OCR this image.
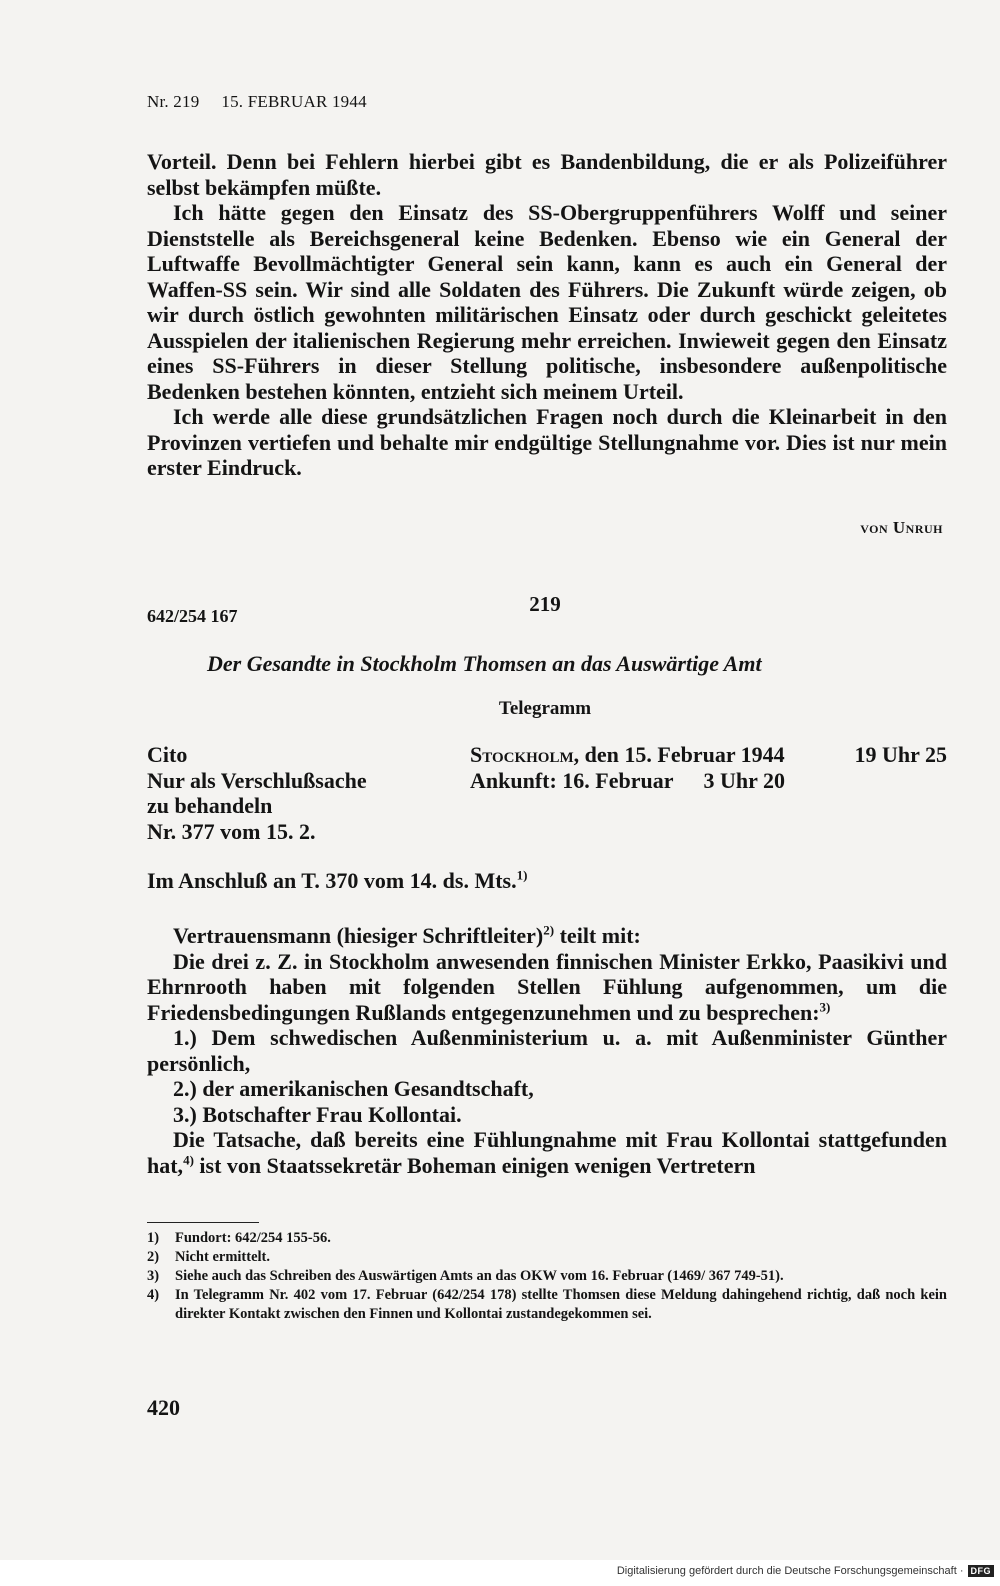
Nr. 219 15. FEBRUAR 1944

Vorteil. Denn bei Fehlern hierbei gibt es Bandenbildung, die er als Polizeiführer selbst bekämpfen müßte.

Ich hätte gegen den Einsatz des SS-Obergruppenführers Wolff und seiner Dienststelle als Bereichsgeneral keine Bedenken. Ebenso wie ein General der Luftwaffe Bevollmächtigter General sein kann, kann es auch ein General der Waffen-SS sein. Wir sind alle Soldaten des Führers. Die Zukunft würde zeigen, ob wir durch östlich gewohnten militärischen Einsatz oder durch geschickt geleitetes Ausspielen der italienischen Regierung mehr erreichen. Inwieweit gegen den Einsatz eines SS-Führers in dieser Stellung politische, insbesondere außenpolitische Bedenken bestehen könnten, entzieht sich meinem Urteil.

Ich werde alle diese grundsätzlichen Fragen noch durch die Kleinarbeit in den Provinzen vertiefen und behalte mir endgültige Stellungnahme vor. Dies ist nur mein erster Eindruck.

von Unruh
219
642/254 167
Der Gesandte in Stockholm Thomsen an das Auswärtige Amt
Telegramm
Cito
Nur als Verschlußsache
zu behandeln
Nr. 377 vom 15. 2.
Stockholm, den 15. Februar 1944	19 Uhr 25
Ankunft: 16. Februar 3 Uhr 20

Im Anschluß an T. 370 vom 14. ds. Mts.$^{1)}$

Vertrauensmann (hiesiger Schriftleiter)$^{2)}$ teilt mit:

Die drei z. Z. in Stockholm anwesenden finnischen Minister Erkko, Paasikivi und Ehrnrooth haben mit folgenden Stellen Fühlung aufgenommen, um die Friedensbedingungen Rußlands entgegenzunehmen und zu besprechen:$^{3)}$

1.) Dem schwedischen Außenministerium u. a. mit Außenminister Günther persönlich,

2.) der amerikanischen Gesandtschaft,

3.) Botschafter Frau Kollontai.

Die Tatsache, daß bereits eine Fühlungnahme mit Frau Kollontai stattgefunden hat,$^{4)}$ ist von Staatssekretär Boheman einigen wenigen Vertretern

1) Fundort: 642/254 155-56.
2) Nicht ermittelt.
3) Siehe auch das Schreiben des Auswärtigen Amts an das OKW vom 16. Februar (1469/ 367 749-51).
4) In Telegramm Nr. 402 vom 17. Februar (642/254 178) stellte Thomsen diese Meldung dahingehend richtig, daß noch kein direkter Kontakt zwischen den Finnen und Kollontai zustandegekommen sei.
420
Digitalisierung gefördert durch die Deutsche Forschungsgemeinschaft · DFG
